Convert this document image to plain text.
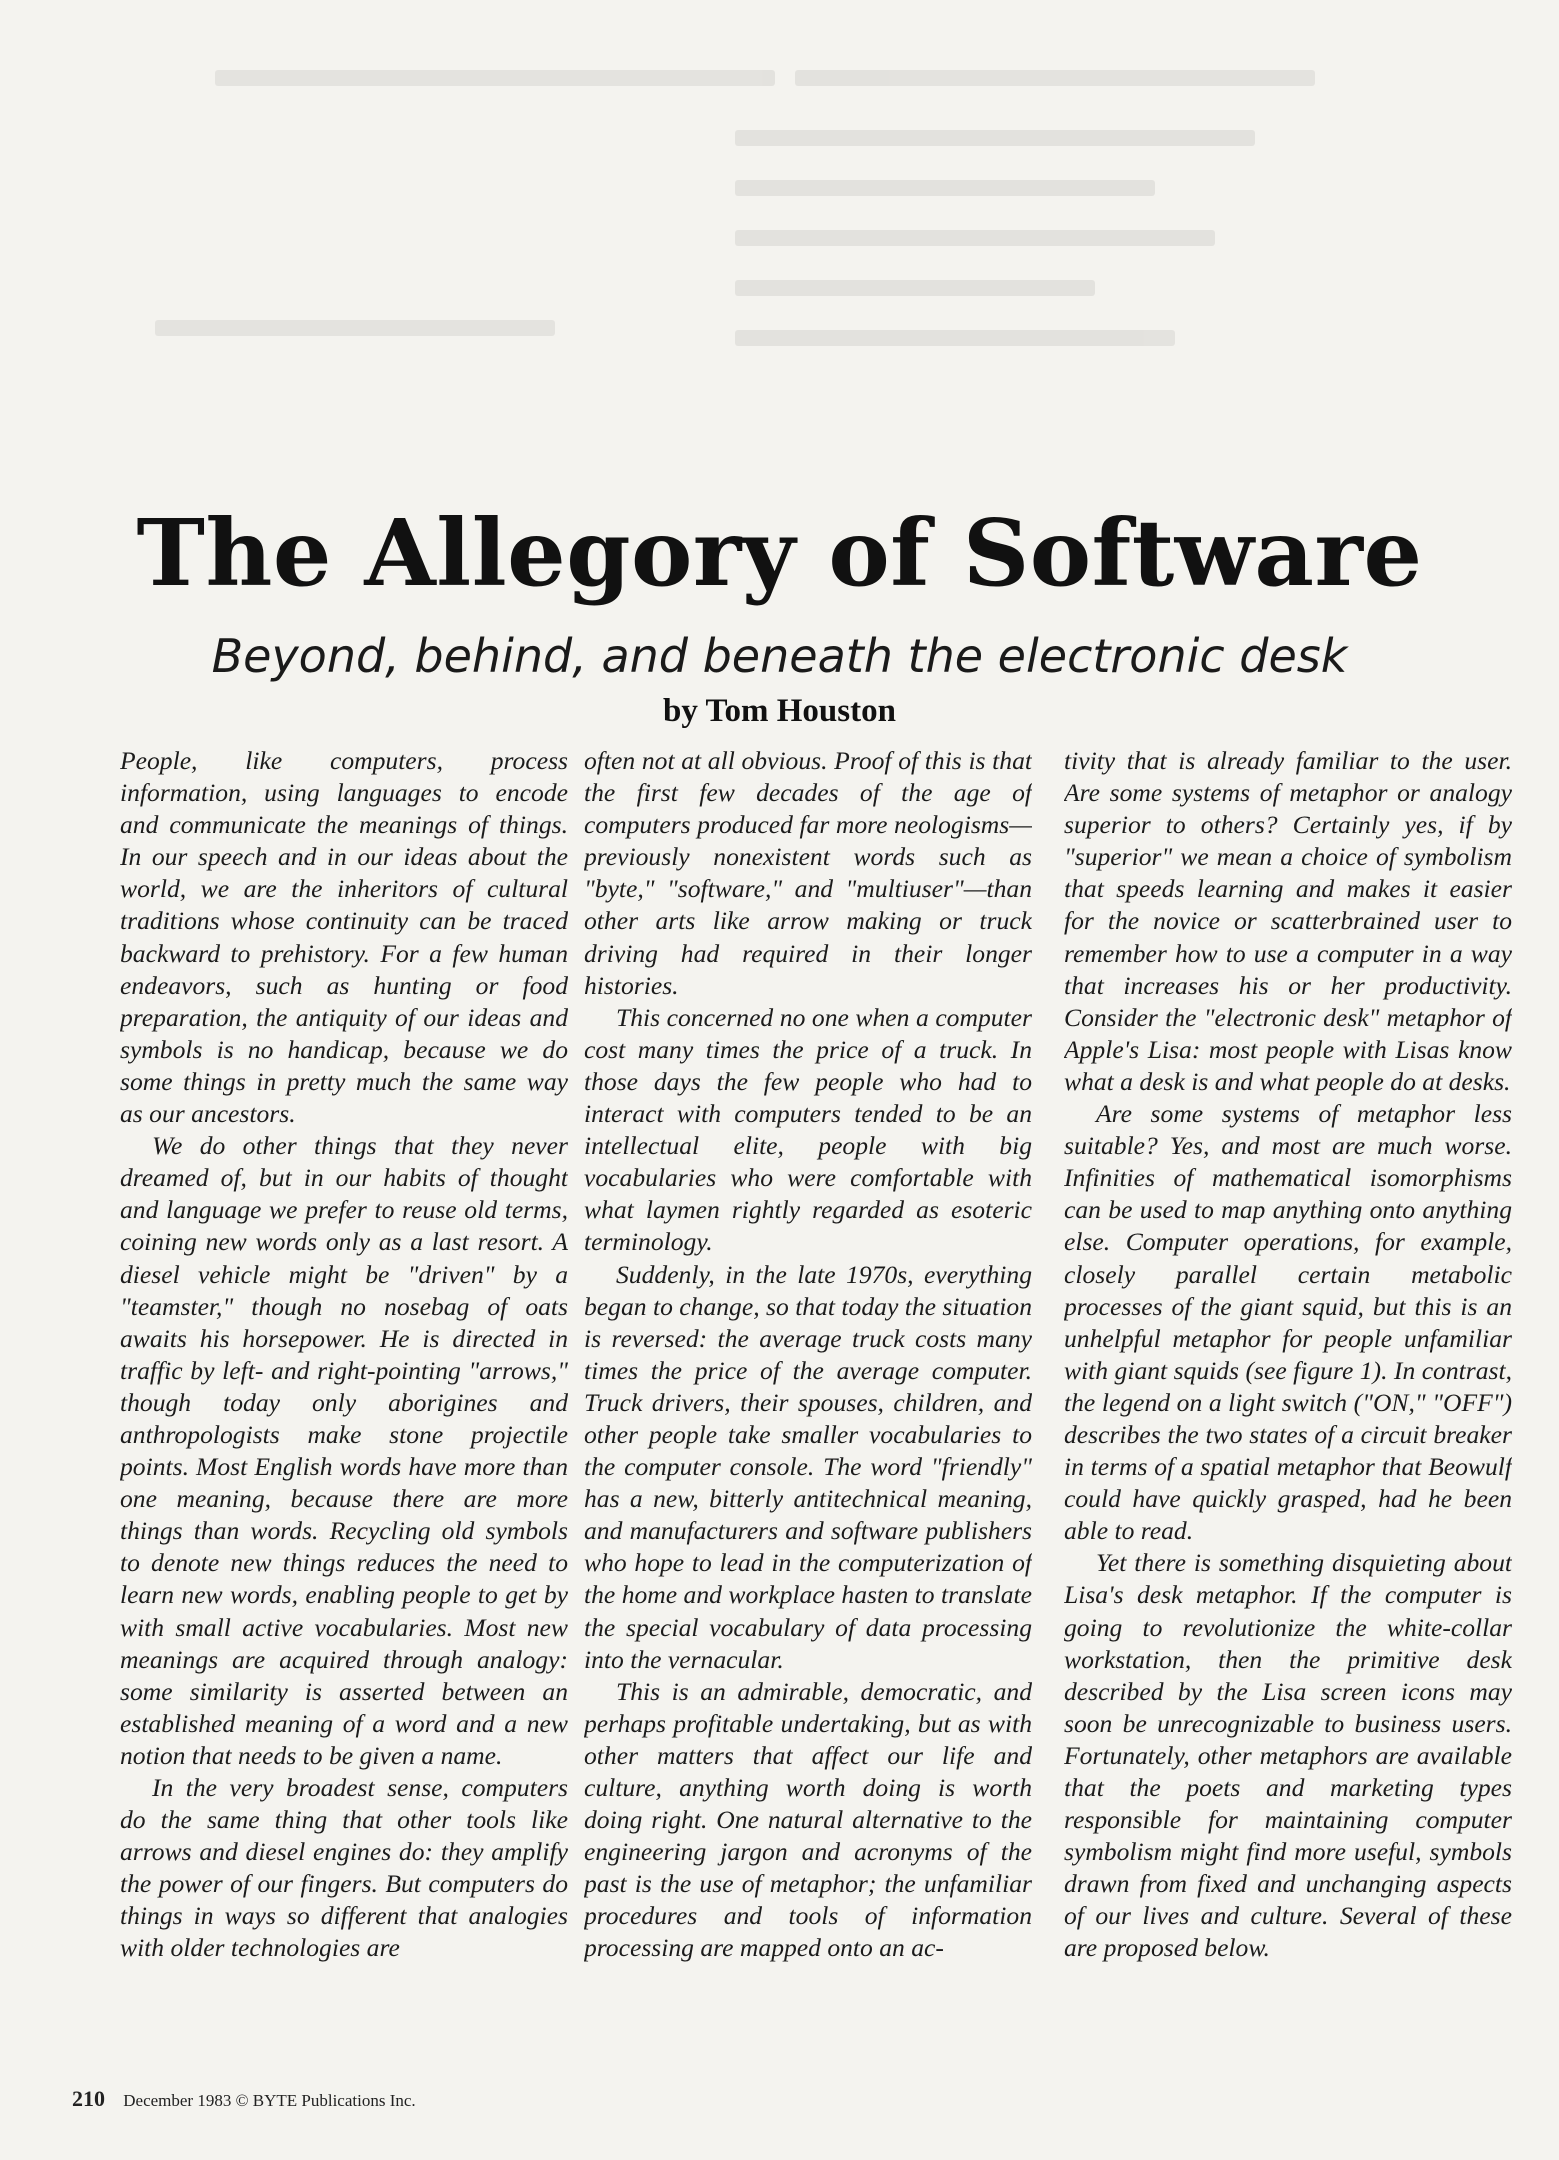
The Allegory of Software
Beyond, behind, and beneath the electronic desk
by Tom Houston

People, like computers, process information, using languages to encode and communicate the meanings of things. In our speech and in our ideas about the world, we are the inheritors of cultural traditions whose continuity can be traced backward to prehistory. For a few human endeavors, such as hunting or food preparation, the antiquity of our ideas and symbols is no handicap, because we do some things in pretty much the same way as our ancestors.

We do other things that they never dreamed of, but in our habits of thought and language we prefer to reuse old terms, coining new words only as a last resort. A diesel vehicle might be "driven" by a "teamster," though no nosebag of oats awaits his horsepower. He is directed in traffic by left- and right-pointing "arrows," though today only aborigines and anthropologists make stone projectile points. Most English words have more than one meaning, because there are more things than words. Recycling old symbols to denote new things reduces the need to learn new words, enabling people to get by with small active vocabularies. Most new meanings are acquired through analogy: some similarity is asserted between an established meaning of a word and a new notion that needs to be given a name.

In the very broadest sense, computers do the same thing that other tools like arrows and diesel engines do: they amplify the power of our fingers. But computers do things in ways so different that analogies with older technologies are

often not at all obvious. Proof of this is that the first few decades of the age of computers produced far more neologisms—previously nonexistent words such as "byte," "software," and "multiuser"—than other arts like arrow making or truck driving had required in their longer histories.

This concerned no one when a computer cost many times the price of a truck. In those days the few people who had to interact with computers tended to be an intellectual elite, people with big vocabularies who were comfortable with what laymen rightly regarded as esoteric terminology.

Suddenly, in the late 1970s, everything began to change, so that today the situation is reversed: the average truck costs many times the price of the average computer. Truck drivers, their spouses, children, and other people take smaller vocabularies to the computer console. The word "friendly" has a new, bitterly antitechnical meaning, and manufacturers and software publishers who hope to lead in the computerization of the home and workplace hasten to translate the special vocabulary of data processing into the vernacular.

This is an admirable, democratic, and perhaps profitable undertaking, but as with other matters that affect our life and culture, anything worth doing is worth doing right. One natural alternative to the engineering jargon and acronyms of the past is the use of metaphor; the unfamiliar procedures and tools of information processing are mapped onto an ac-

tivity that is already familiar to the user. Are some systems of metaphor or analogy superior to others? Certainly yes, if by "superior" we mean a choice of symbolism that speeds learning and makes it easier for the novice or scatterbrained user to remember how to use a computer in a way that increases his or her productivity. Consider the "electronic desk" metaphor of Apple's Lisa: most people with Lisas know what a desk is and what people do at desks.

Are some systems of metaphor less suitable? Yes, and most are much worse. Infinities of mathematical isomorphisms can be used to map anything onto anything else. Computer operations, for example, closely parallel certain metabolic processes of the giant squid, but this is an unhelpful metaphor for people unfamiliar with giant squids (see figure 1). In contrast, the legend on a light switch ("ON," "OFF") describes the two states of a circuit breaker in terms of a spatial metaphor that Beowulf could have quickly grasped, had he been able to read.

Yet there is something disquieting about Lisa's desk metaphor. If the computer is going to revolutionize the white-collar workstation, then the primitive desk described by the Lisa screen icons may soon be unrecognizable to business users. Fortunately, other metaphors are available that the poets and marketing types responsible for maintaining computer symbolism might find more useful, symbols drawn from fixed and unchanging aspects of our lives and culture. Several of these are proposed below.

210 December 1983 © BYTE Publications Inc.
